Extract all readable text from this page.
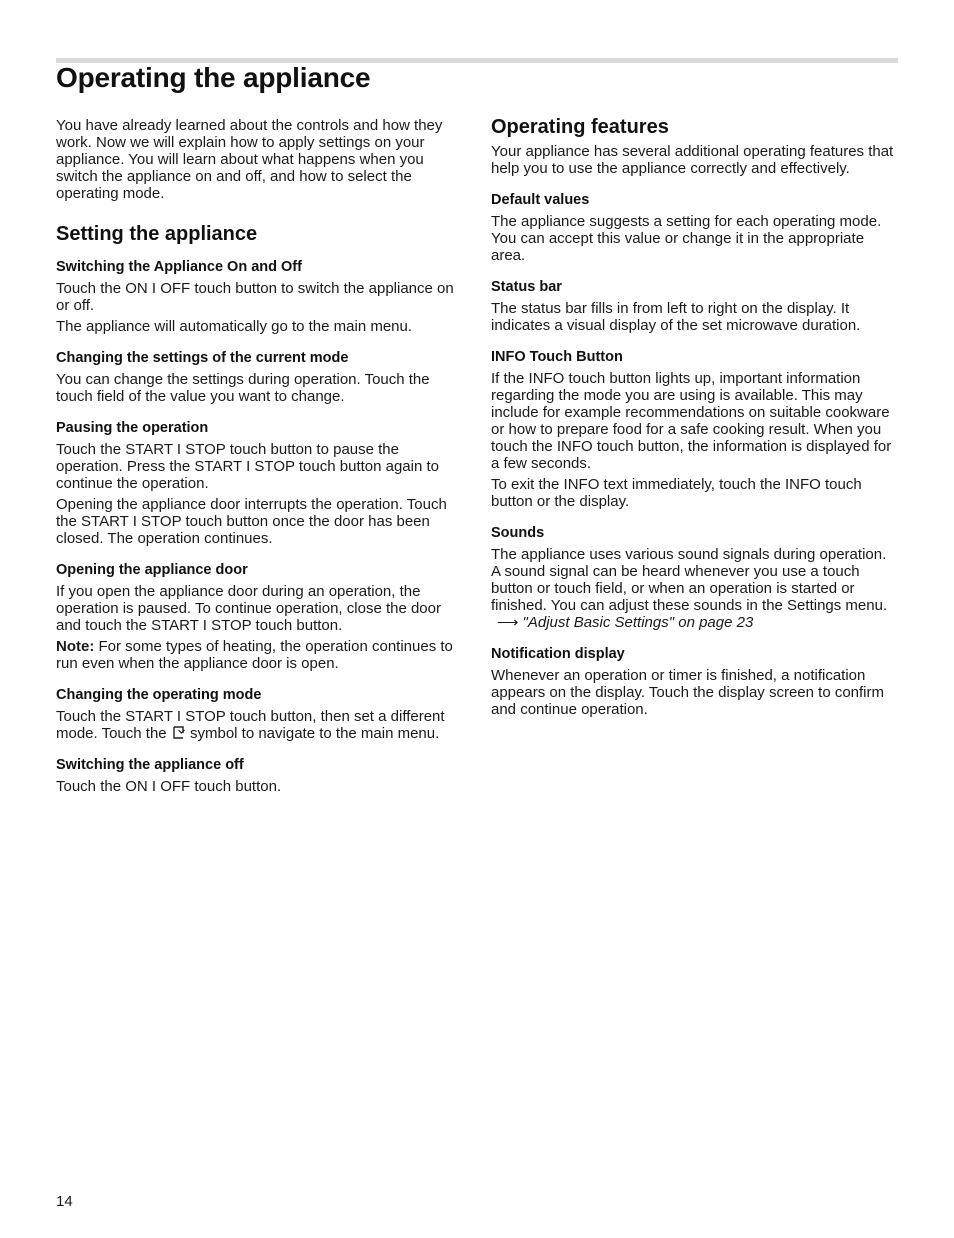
Operating the appliance

You have already learned about the controls and how they work. Now we will explain how to apply settings on your appliance. You will learn about what happens when you switch the appliance on and off, and how to select the operating mode.

Setting the appliance
Switching the Appliance On and Off

Touch the ON I OFF touch button to switch the appliance on or off.

The appliance will automatically go to the main menu.

Changing the settings of the current mode

You can change the settings during operation. Touch the touch field of the value you want to change.

Pausing the operation

Touch the START I STOP touch button to pause the operation. Press the START I STOP touch button again to continue the operation.

Opening the appliance door interrupts the operation. Touch the START I STOP touch button once the door has been closed. The operation continues.

Opening the appliance door

If you open the appliance door during an operation, the operation is paused. To continue operation, close the door and touch the START I STOP touch button.

Note: For some types of heating, the operation continues to run even when the appliance door is open.

Changing the operating mode

Touch the START I STOP touch button, then set a different mode. Touch the symbol to navigate to the main menu.

Switching the appliance off

Touch the ON I OFF touch button.

Operating features

Your appliance has several additional operating features that help you to use the appliance correctly and effectively.

Default values

The appliance suggests a setting for each operating mode. You can accept this value or change it in the appropriate area.

Status bar

The status bar fills in from left to right on the display. It indicates a visual display of the set microwave duration.

INFO Touch Button

If the INFO touch button lights up, important information regarding the mode you are using is available. This may include for example recommendations on suitable cookware or how to prepare food for a safe cooking result. When you touch the INFO touch button, the information is displayed for a few seconds.

To exit the INFO text immediately, touch the INFO touch button or the display.

Sounds

The appliance uses various sound signals during operation. A sound signal can be heard whenever you use a touch button or touch field, or when an operation is started or finished. You can adjust these sounds in the Settings menu.⟶ "Adjust Basic Settings" on page 23

Notification display

Whenever an operation or timer is finished, a notification appears on the display. Touch the display screen to confirm and continue operation.

14
